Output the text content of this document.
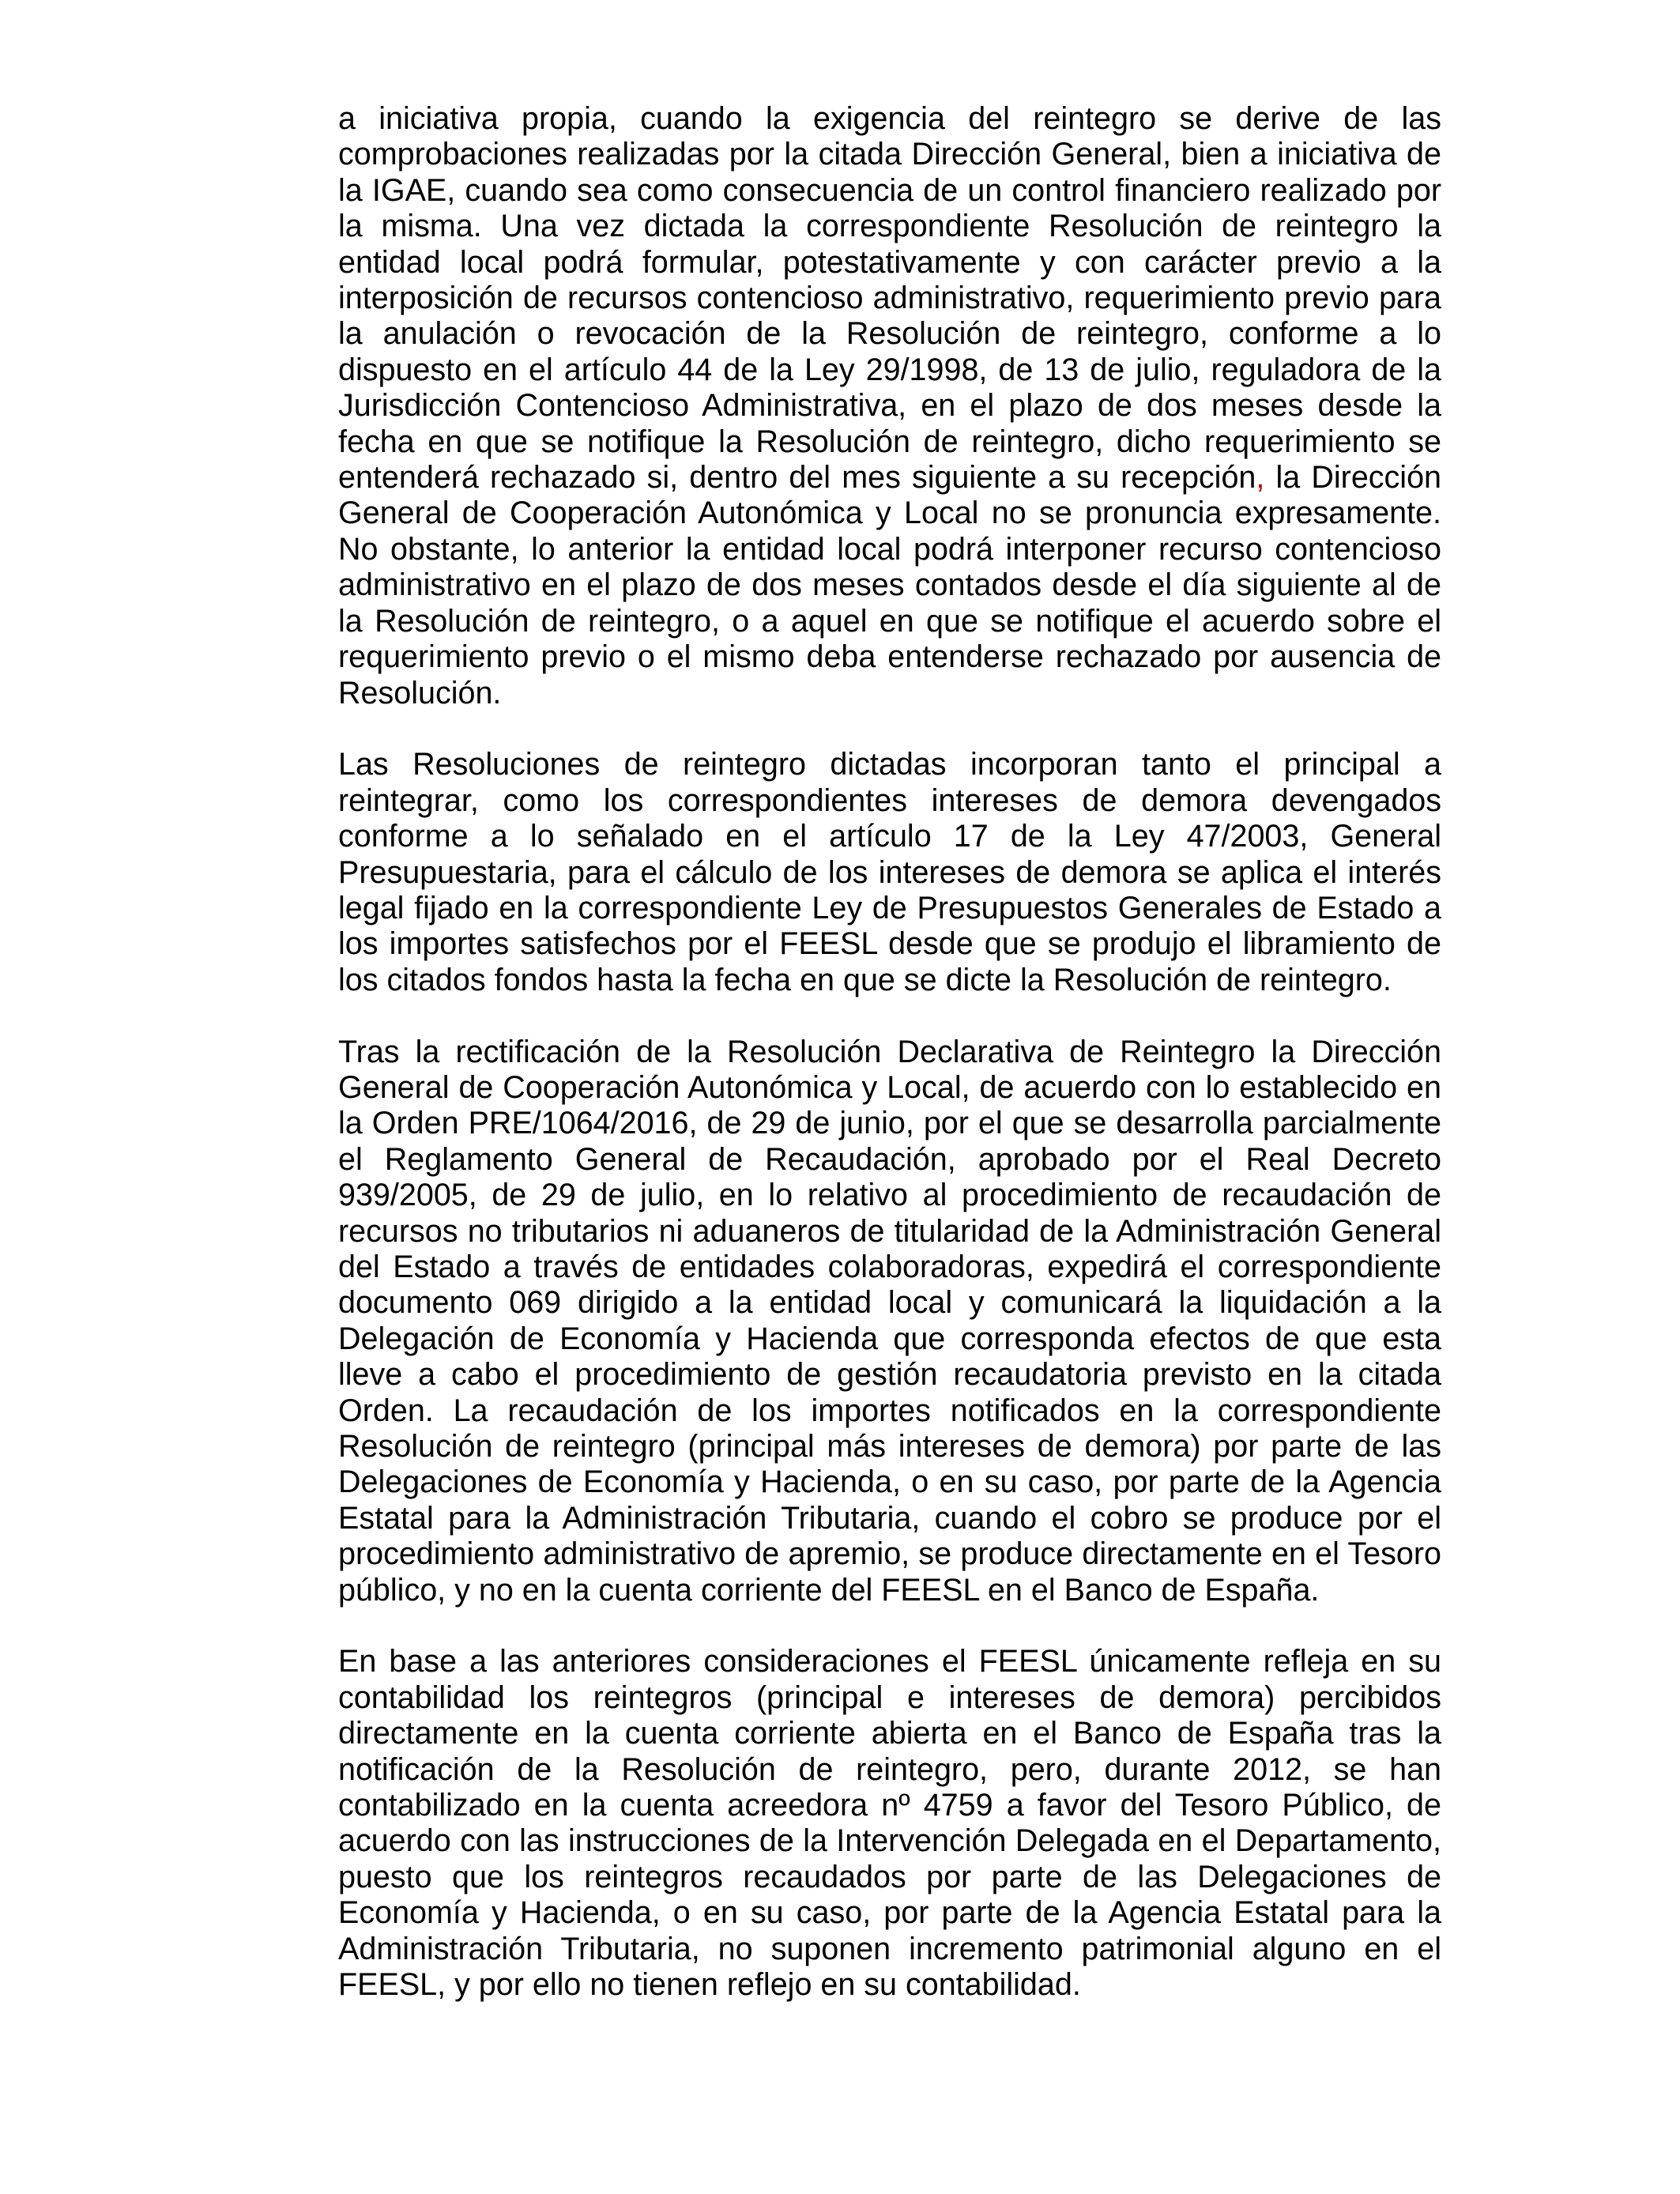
a iniciativa propia, cuando la exigencia del reintegro se derive de las comprobaciones realizadas por la citada Dirección General, bien a iniciativa de la IGAE, cuando sea como consecuencia de un control financiero realizado por la misma. Una vez dictada la correspondiente Resolución de reintegro la entidad local podrá formular, potestativamente y con carácter previo a la interposición de recursos contencioso administrativo, requerimiento previo para la anulación o revocación de la Resolución de reintegro, conforme a lo dispuesto en el artículo 44 de la Ley 29/1998, de 13 de julio, reguladora de la Jurisdicción Contencioso Administrativa, en el plazo de dos meses desde la fecha en que se notifique la Resolución de reintegro, dicho requerimiento se entenderá rechazado si, dentro del mes siguiente a su recepción, la Dirección General de Cooperación Autonómica y Local no se pronuncia expresamente. No obstante, lo anterior la entidad local podrá interponer recurso contencioso administrativo en el plazo de dos meses contados desde el día siguiente al de la Resolución de reintegro, o a aquel en que se notifique el acuerdo sobre el requerimiento previo o el mismo deba entenderse rechazado por ausencia de Resolución.

Las Resoluciones de reintegro dictadas incorporan tanto el principal a reintegrar, como los correspondientes intereses de demora devengados conforme a lo señalado en el artículo 17 de la Ley 47/2003, General Presupuestaria, para el cálculo de los intereses de demora se aplica el interés legal fijado en la correspondiente Ley de Presupuestos Generales de Estado a los importes satisfechos por el FEESL desde que se produjo el libramiento de los citados fondos hasta la fecha en que se dicte la Resolución de reintegro.

Tras la rectificación de la Resolución Declarativa de Reintegro la Dirección General de Cooperación Autonómica y Local, de acuerdo con lo establecido en la Orden PRE/1064/2016, de 29 de junio, por el que se desarrolla parcialmente el Reglamento General de Recaudación, aprobado por el Real Decreto 939/2005, de 29 de julio, en lo relativo al procedimiento de recaudación de recursos no tributarios ni aduaneros de titularidad de la Administración General del Estado a través de entidades colaboradoras, expedirá el correspondiente documento 069 dirigido a la entidad local y comunicará la liquidación a la Delegación de Economía y Hacienda que corresponda efectos de que esta lleve a cabo el procedimiento de gestión recaudatoria previsto en la citada Orden. La recaudación de los importes notificados en la correspondiente Resolución de reintegro (principal más intereses de demora) por parte de las Delegaciones de Economía y Hacienda, o en su caso, por parte de la Agencia Estatal para la Administración Tributaria, cuando el cobro se produce por el procedimiento administrativo de apremio, se produce directamente en el Tesoro público, y no en la cuenta corriente del FEESL en el Banco de España.

En base a las anteriores consideraciones el FEESL únicamente refleja en su contabilidad los reintegros (principal e intereses de demora) percibidos directamente en la cuenta corriente abierta en el Banco de España tras la notificación de la Resolución de reintegro, pero, durante 2012, se han contabilizado en la cuenta acreedora nº 4759 a favor del Tesoro Público, de acuerdo con las instrucciones de la Intervención Delegada en el Departamento, puesto que los reintegros recaudados por parte de las Delegaciones de Economía y Hacienda, o en su caso, por parte de la Agencia Estatal para la Administración Tributaria, no suponen incremento patrimonial alguno en el FEESL, y por ello no tienen reflejo en su contabilidad.
